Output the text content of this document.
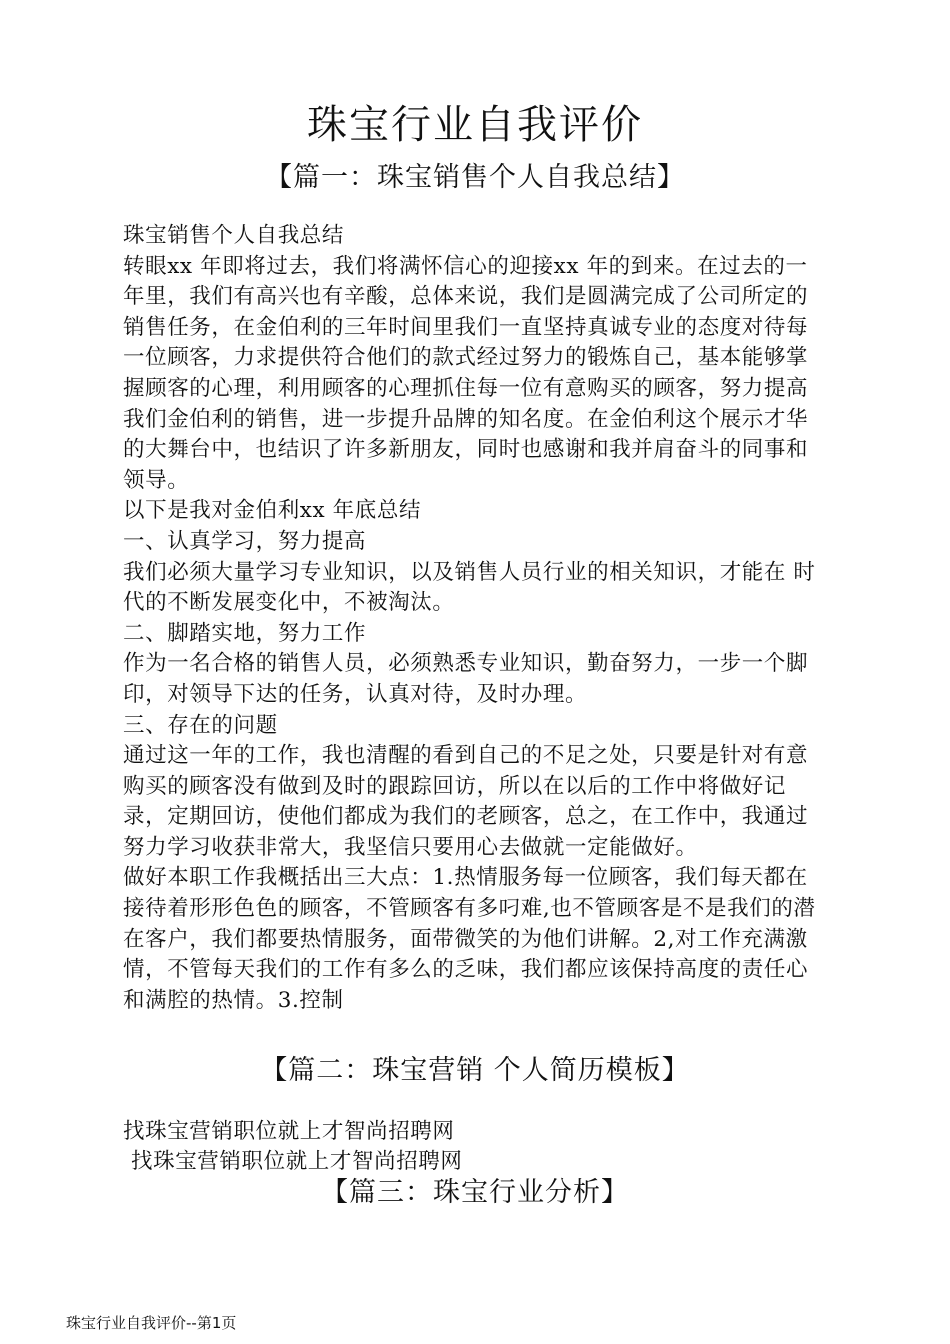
珠宝行业自我评价
【篇一：珠宝销售个人自我总结】

珠宝销售个人自我总结

转眼xx 年即将过去，我们将满怀信心的迎接xx 年的到来。在过去的一年里，我们有高兴也有辛酸，总体来说，我们是圆满完成了公司所定的销售任务，在金伯利的三年时间里我们一直坚持真诚专业的态度对待每一位顾客，力求提供符合他们的款式经过努力的锻炼自己，基本能够掌握顾客的心理，利用顾客的心理抓住每一位有意购买的顾客，努力提高我们金伯利的销售，进一步提升品牌的知名度。在金伯利这个展示才华的大舞台中，也结识了许多新朋友，同时也感谢和我并肩奋斗的同事和领导。

以下是我对金伯利xx 年底总结

一、认真学习，努力提高

我们必须大量学习专业知识，以及销售人员行业的相关知识，才能在 时代的不断发展变化中，不被淘汰。

二、脚踏实地，努力工作

作为一名合格的销售人员，必须熟悉专业知识，勤奋努力，一步一个脚印，对领导下达的任务，认真对待，及时办理。

三、存在的问题

通过这一年的工作，我也清醒的看到自己的不足之处，只要是针对有意购买的顾客没有做到及时的跟踪回访，所以在以后的工作中将做好记录，定期回访，使他们都成为我们的老顾客，总之，在工作中，我通过努力学习收获非常大，我坚信只要用心去做就一定能做好。

做好本职工作我概括出三大点：1.热情服务每一位顾客，我们每天都在接待着形形色色的顾客，不管顾客有多叼难,也不管顾客是不是我们的潜在客户，我们都要热情服务，面带微笑的为他们讲解。2,对工作充满激情，不管每天我们的工作有多么的乏味，我们都应该保持高度的责任心和满腔的热情。3.控制

【篇二：珠宝营销 个人简历模板】

找珠宝营销职位就上才智尚招聘网

找珠宝营销职位就上才智尚招聘网

【篇三：珠宝行业分析】
珠宝行业自我评价--第1页
